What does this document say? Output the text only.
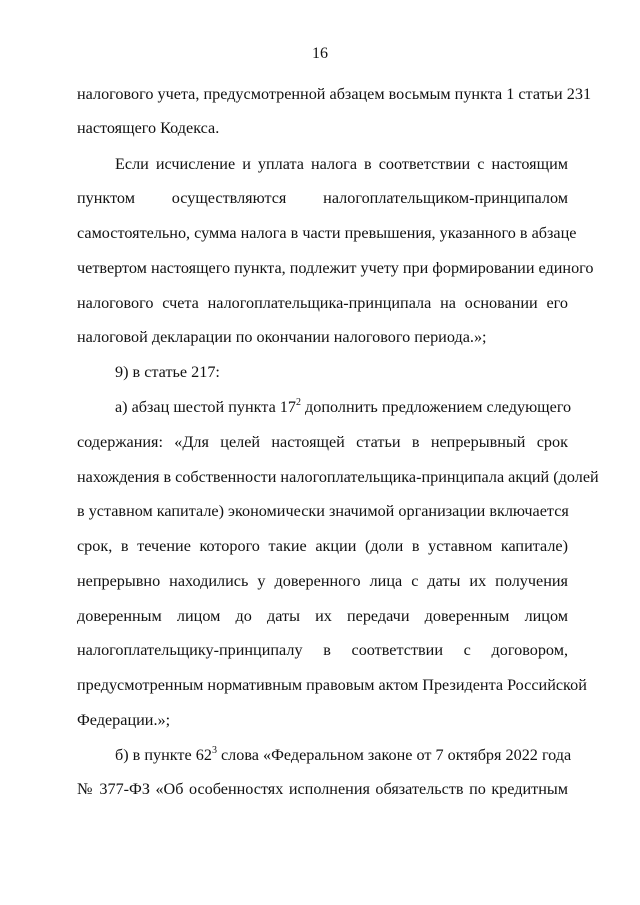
16
налогового учета, предусмотренной абзацем восьмым пункта 1 статьи 231
настоящего Кодекса.
Если исчисление и уплата налога в соответствии с настоящим
пунктом осуществляются налогоплательщиком-принципалом
самостоятельно, сумма налога в части превышения, указанного в абзаце
четвертом настоящего пункта, подлежит учету при формировании единого
налогового счета налогоплательщика-принципала на основании его
налоговой декларации по окончании налогового периода.»;
9) в статье 217:
а) абзац шестой пункта $17^2$ дополнить предложением следующего
содержания: «Для целей настоящей статьи в непрерывный срок
нахождения в собственности налогоплательщика-принципала акций (долей
в уставном капитале) экономически значимой организации включается
срок, в течение которого такие акции (доли в уставном капитале)
непрерывно находились у доверенного лица с даты их получения
доверенным лицом до даты их передачи доверенным лицом
налогоплательщику-принципалу в соответствии с договором,
предусмотренным нормативным правовым актом Президента Российской
Федерации.»;
б) в пункте $62^3$ слова «Федеральном законе от 7 октября 2022 года
№ 377-ФЗ «Об особенностях исполнения обязательств по кредитным
